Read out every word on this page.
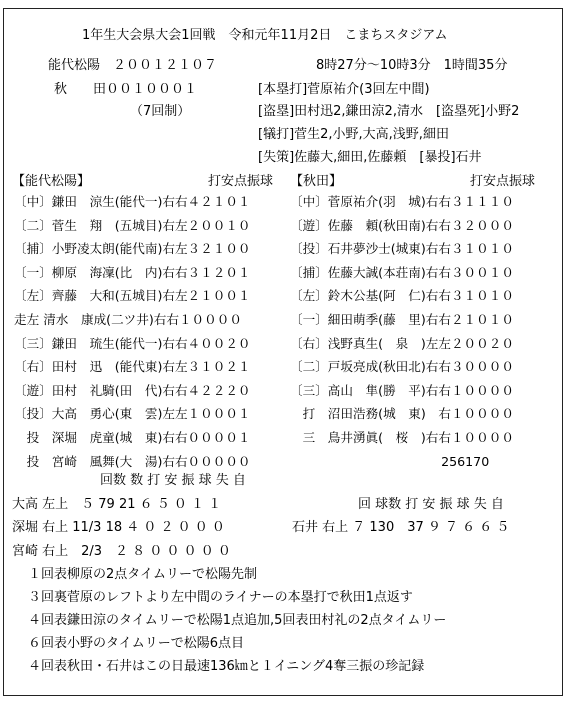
1年生大会県大会1回戦　令和元年11月2日　こまちスタジアム
能代松陽　２００１２１０７	8時27分～10時3分　1時間35分
秋　　田００１０００１	[本塁打]菅原祐介(3回左中間)
（7回制）	[盗塁]田村迅2,鎌田涼2,清水　[盗塁死]小野2
[犠打]菅生2,小野,大高,浅野,細田
[失策]佐藤大,細田,佐藤頼　[暴投]石井
【能代松陽】	打安点振球 【秋田】	打安点振球
〔中〕鎌田　涼生(能代一)右右４２１０１
〔二〕菅生　翔　(五城目)右左２００１０
〔捕〕小野凌太朗(能代南)右左３２１００
〔一〕柳原　海凜(比　内)右右３１２０１
〔左〕齊藤　大和(五城目)右左２１００１
走左 清水　康成(二ツ井)右右１００００
〔三〕鎌田　琉生(能代一)右右４００２０
〔右〕田村　迅　(能代東)右左３１０２１
〔遊〕田村　礼騎(田　代)右右４２２２０
〔投〕大高　勇心(東　雲)左左１０００１
　投　深堀　虎童(城　東)右右００００１
　投　宮崎　風舞(大　湯)右右０００００
〔中〕菅原祐介(羽　城)右右３１１１０
〔遊〕佐藤　頼(秋田南)右右３２０００
〔投〕石井夢沙士(城東)右右３１０１０
〔捕〕佐藤大誠(本荘南)右右３００１０
〔左〕鈴木公基(阿　仁)右右３１０１０
〔一〕細田萌季(藤　里)右右２１０１０
〔右〕浅野真生(　泉　)左左２００２０
〔二〕戸坂亮成(秋田北)右右３００００
〔三〕高山　隼(勝　平)右右１００００
　打　沼田浩務(城　東)　右１００００
　三　鳥井湧眞(　桜　)右右１００００
　　　　　　　　　　　　256170
回数 数 打 安 振 球 失 自
回 球数 打 安 振 球 失 自
大高 左上　５ 79 21 ６ ５ ０ １ １
深堀 右上 11/3 18 ４ ０ ２ ０ ０ ０	石井 右上 ７ 130　37 ９ ７ ６ ６ ５
宮崎 右上　2/3　２ ８ ０ ０ ０ ０ ０
１回表柳原の2点タイムリーで松陽先制
３回裏菅原のレフトより左中間のライナーの本塁打で秋田1点返す
４回表鎌田涼のタイムリーで松陽1点追加,5回表田村礼の2点タイムリー
６回表小野のタイムリーで松陽6点目
４回表秋田・石井はこの日最速136㎞と１イニング4奪三振の珍記録
